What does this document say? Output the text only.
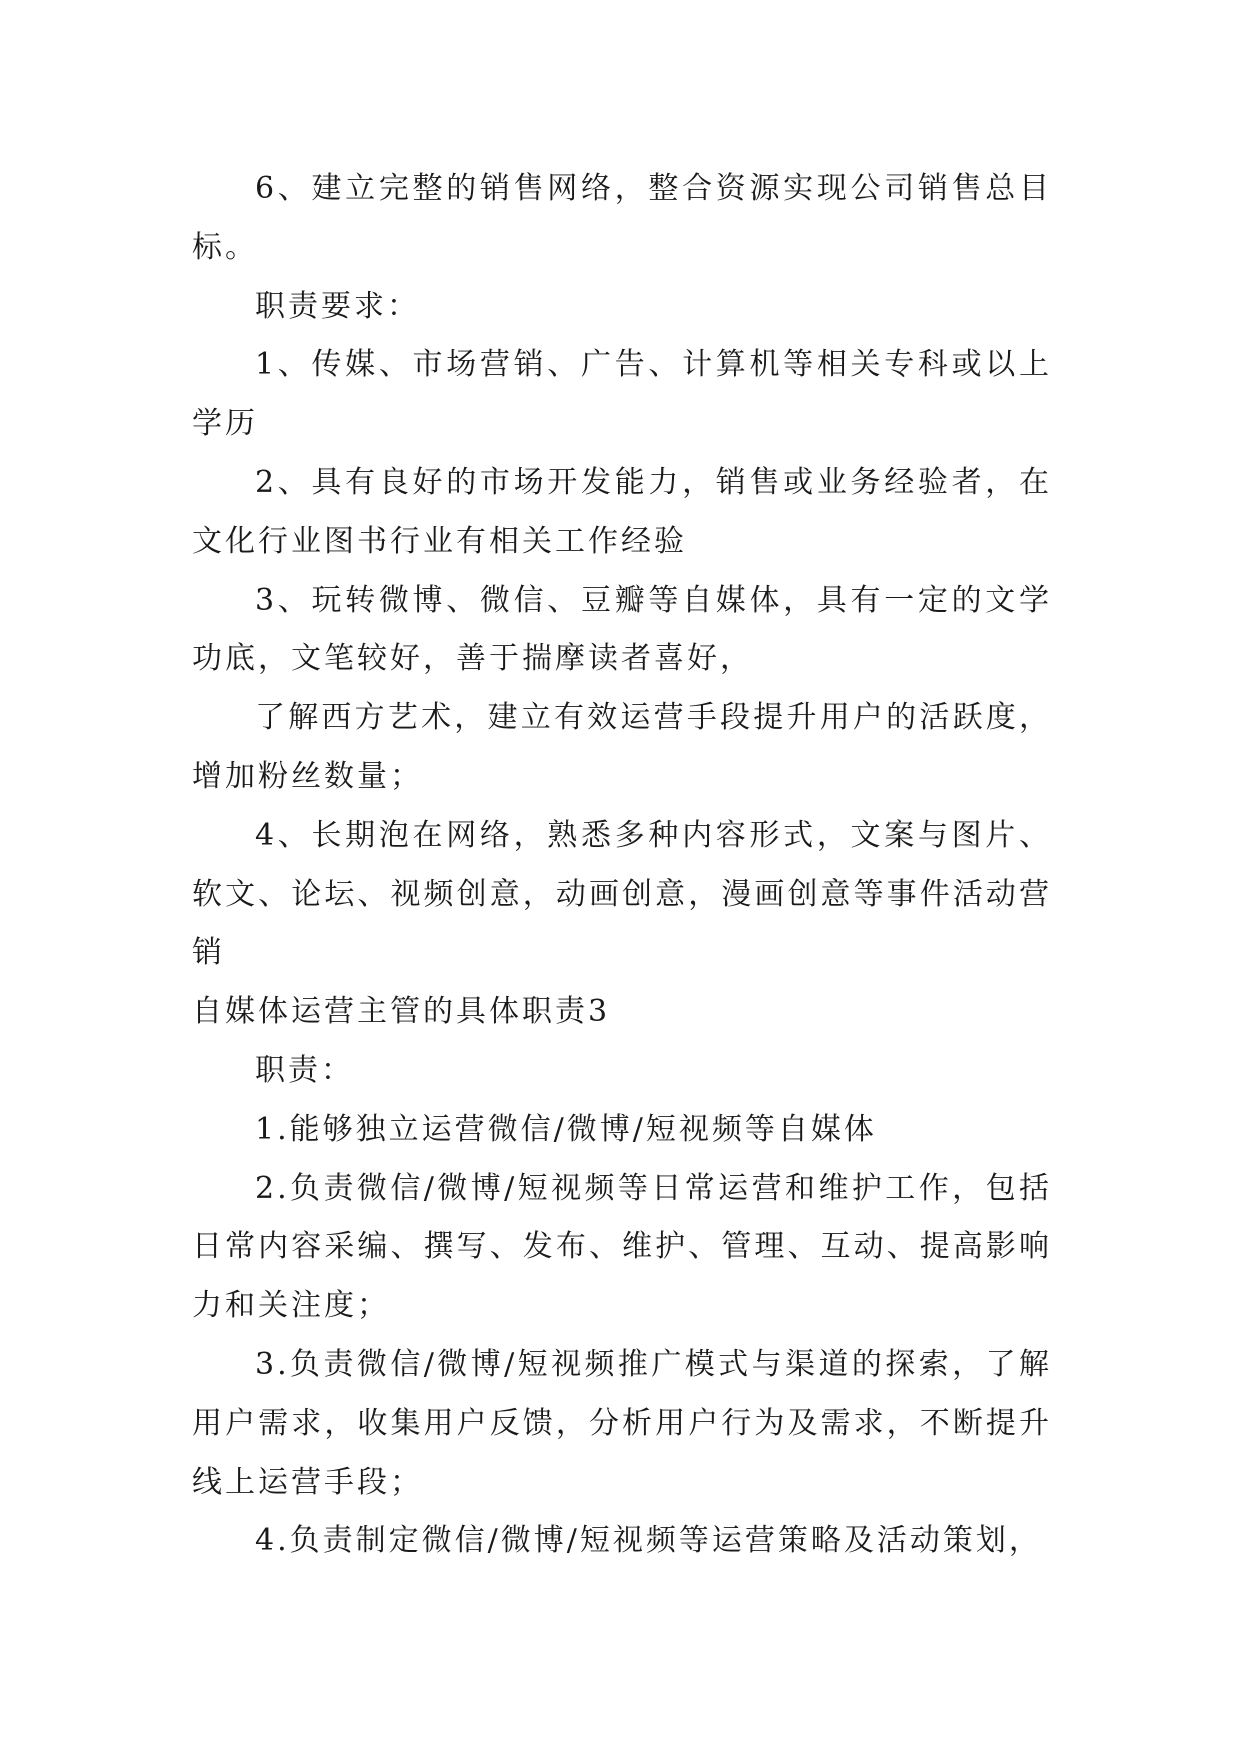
6、建立完整的销售网络，整合资源实现公司销售总目标。

职责要求：

1、传媒、市场营销、广告、计算机等相关专科或以上学历

2、具有良好的市场开发能力，销售或业务经验者，在文化行业图书行业有相关工作经验

3、玩转微博、微信、豆瓣等自媒体，具有一定的文学功底，文笔较好，善于揣摩读者喜好，

了解西方艺术，建立有效运营手段提升用户的活跃度，增加粉丝数量；

4、长期泡在网络，熟悉多种内容形式，文案与图片、软文、论坛、视频创意，动画创意，漫画创意等事件活动营销

自媒体运营主管的具体职责3

职责：

1.能够独立运营微信/微博/短视频等自媒体

2.负责微信/微博/短视频等日常运营和维护工作，包括日常内容采编、撰写、发布、维护、管理、互动、提高影响力和关注度；

3.负责微信/微博/短视频推广模式与渠道的探索，了解用户需求，收集用户反馈，分析用户行为及需求，不断提升线上运营手段；

4.负责制定微信/微博/短视频等运营策略及活动策划，
